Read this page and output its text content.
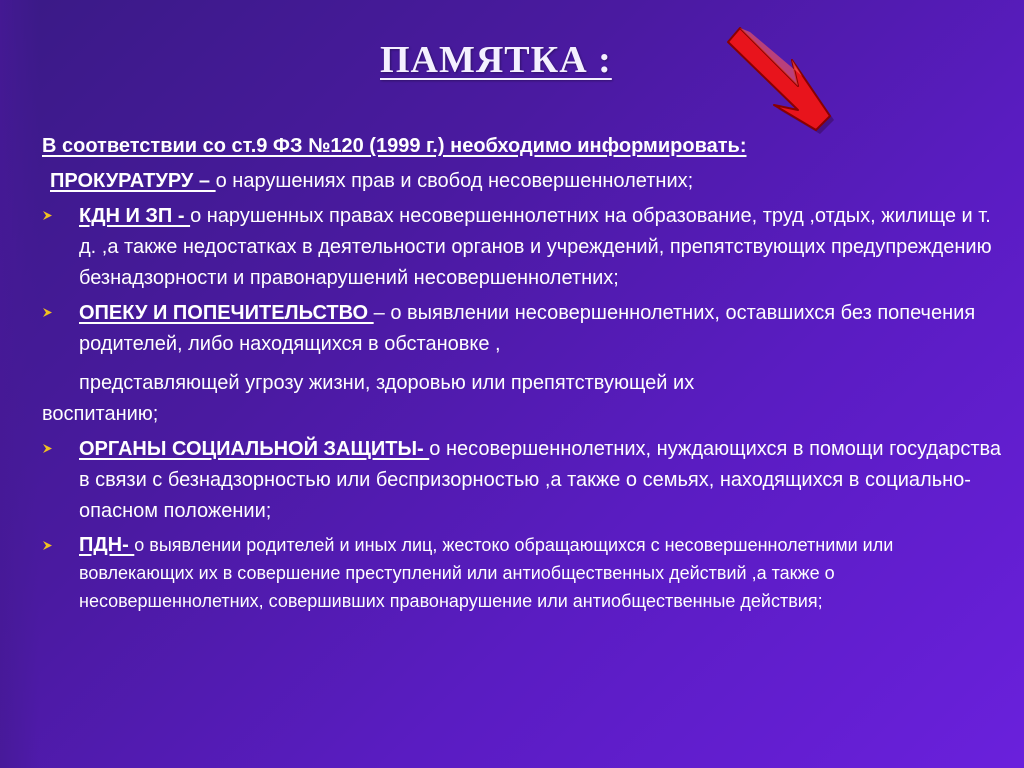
ПАМЯТКА :

В соответствии со ст.9 ФЗ №120 (1999 г.) необходимо информировать:

ПРОКУРАТУРУ – о нарушениях прав и свобод несовершеннолетних;

КДН И ЗП - о нарушенных правах несовершеннолетних на образование, труд ,отдых, жилище и т. д. ,а также недостатках в деятельности органов и учреждений, препятствующих предупреждению безнадзорности и правонарушений несовершеннолетних;

ОПЕКУ И ПОПЕЧИТЕЛЬСТВО – о выявлении несовершеннолетних, оставшихся без попечения родителей, либо находящихся в обстановке ,

представляющей угрозу жизни, здоровью или препятствующей их

воспитанию;

ОРГАНЫ СОЦИАЛЬНОЙ ЗАЩИТЫ- о несовершеннолетних, нуждающихся в помощи государства в связи с безнадзорностью или беспризорностью ,а также о семьях, находящихся в социально-опасном положении;

ПДН- о выявлении родителей и иных лиц, жестоко обращающихся с несовершеннолетними или вовлекающих их в совершение преступлений или антиобщественных действий ,а также о несовершеннолетних, совершивших правонарушение или антиобщественные действия;
